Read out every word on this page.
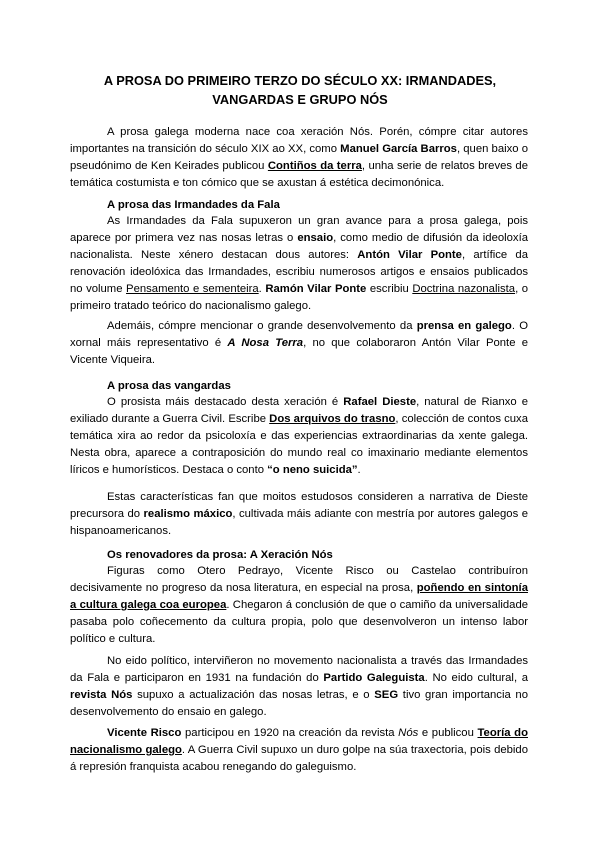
A PROSA DO PRIMEIRO TERZO DO SÉCULO XX: IRMANDADES,
VANGARDAS E GRUPO NÓS

A prosa galega moderna nace coa xeración Nós. Porén, cómpre citar autores importantes na transición do século XIX ao XX, como Manuel García Barros, quen baixo o pseudónimo de Ken Keirades publicou Contiños da terra, unha serie de relatos breves de temática costumista e ton cómico que se axustan á estética decimonónica.

A prosa das Irmandades da Fala

As Irmandades da Fala supuxeron un gran avance para a prosa galega, pois aparece por primera vez nas nosas letras o ensaio, como medio de difusión da ideoloxía nacionalista. Neste xénero destacan dous autores: Antón Vilar Ponte, artífice da renovación ideolóxica das Irmandades, escribiu numerosos artigos e ensaios publicados no volume Pensamento e sementeira. Ramón Vilar Ponte escribiu Doctrina nazonalista, o primeiro tratado teórico do nacionalismo galego.

Ademáis, cómpre mencionar o grande desenvolvemento da prensa en galego. O xornal máis representativo é A Nosa Terra, no que colaboraron Antón Vilar Ponte e Vicente Viqueira.

A prosa das vangardas

O prosista máis destacado desta xeración é Rafael Dieste, natural de Rianxo e exiliado durante a Guerra Civil. Escribe Dos arquivos do trasno, colección de contos cuxa temática xira ao redor da psicoloxía e das experiencias extraordinarias da xente galega. Nesta obra, aparece a contraposición do mundo real co imaxinario mediante elementos líricos e humorísticos. Destaca o conto “o neno suicida”.

Estas características fan que moitos estudosos consideren a narrativa de Dieste precursora do realismo máxico, cultivada máis adiante con mestría por autores galegos e hispanoamericanos.

Os renovadores da prosa: A Xeración Nós

Figuras como Otero Pedrayo, Vicente Risco ou Castelao contribuíron decisivamente no progreso da nosa literatura, en especial na prosa, poñendo en sintonía a cultura galega coa europea. Chegaron á conclusión de que o camiño da universalidade pasaba polo coñecemento da cultura propia, polo que desenvolveron un intenso labor político e cultura.

No eido político, interviñeron no movemento nacionalista a través das Irmandades da Fala e participaron en 1931 na fundación do Partido Galeguista. No eido cultural, a revista Nós supuxo a actualización das nosas letras, e o SEG tivo gran importancia no desenvolvemento do ensaio en galego.

Vicente Risco participou en 1920 na creación da revista Nós e publicou Teoría do nacionalismo galego. A Guerra Civil supuxo un duro golpe na súa traxectoria, pois debido á represión franquista acabou renegando do galeguismo.
